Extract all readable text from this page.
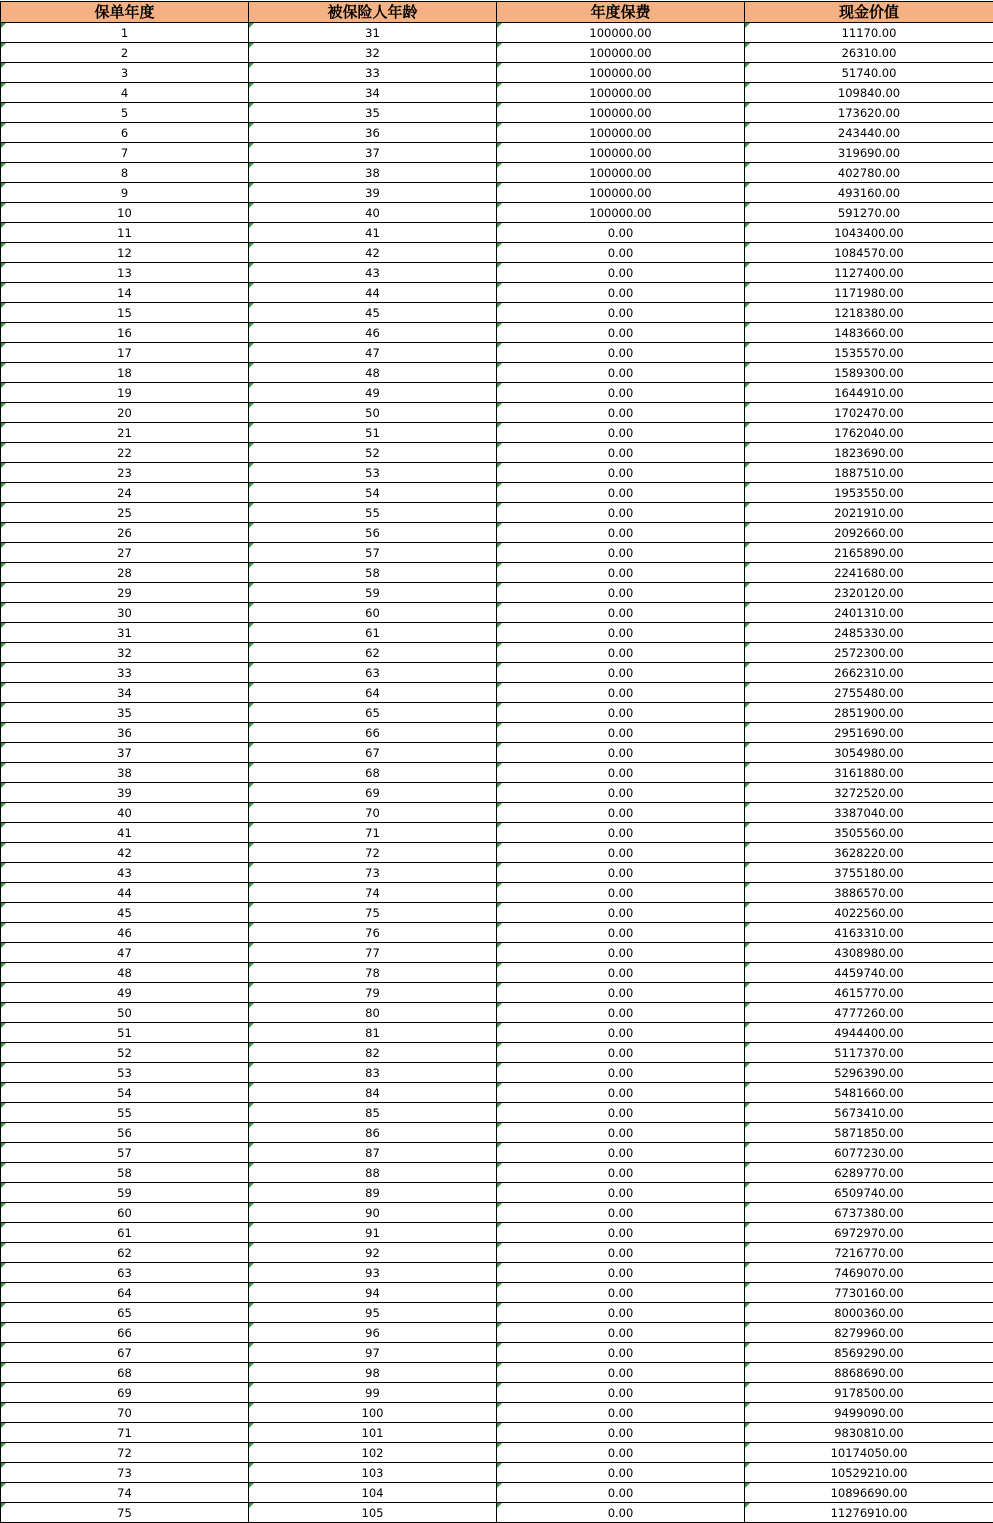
保单年度	被保险人年龄	年度保费	现金价值
1	31	100000.00	11170.00
2	32	100000.00	26310.00
3	33	100000.00	51740.00
4	34	100000.00	109840.00
5	35	100000.00	173620.00
6	36	100000.00	243440.00
7	37	100000.00	319690.00
8	38	100000.00	402780.00
9	39	100000.00	493160.00
10	40	100000.00	591270.00
11	41	0.00	1043400.00
12	42	0.00	1084570.00
13	43	0.00	1127400.00
14	44	0.00	1171980.00
15	45	0.00	1218380.00
16	46	0.00	1483660.00
17	47	0.00	1535570.00
18	48	0.00	1589300.00
19	49	0.00	1644910.00
20	50	0.00	1702470.00
21	51	0.00	1762040.00
22	52	0.00	1823690.00
23	53	0.00	1887510.00
24	54	0.00	1953550.00
25	55	0.00	2021910.00
26	56	0.00	2092660.00
27	57	0.00	2165890.00
28	58	0.00	2241680.00
29	59	0.00	2320120.00
30	60	0.00	2401310.00
31	61	0.00	2485330.00
32	62	0.00	2572300.00
33	63	0.00	2662310.00
34	64	0.00	2755480.00
35	65	0.00	2851900.00
36	66	0.00	2951690.00
37	67	0.00	3054980.00
38	68	0.00	3161880.00
39	69	0.00	3272520.00
40	70	0.00	3387040.00
41	71	0.00	3505560.00
42	72	0.00	3628220.00
43	73	0.00	3755180.00
44	74	0.00	3886570.00
45	75	0.00	4022560.00
46	76	0.00	4163310.00
47	77	0.00	4308980.00
48	78	0.00	4459740.00
49	79	0.00	4615770.00
50	80	0.00	4777260.00
51	81	0.00	4944400.00
52	82	0.00	5117370.00
53	83	0.00	5296390.00
54	84	0.00	5481660.00
55	85	0.00	5673410.00
56	86	0.00	5871850.00
57	87	0.00	6077230.00
58	88	0.00	6289770.00
59	89	0.00	6509740.00
60	90	0.00	6737380.00
61	91	0.00	6972970.00
62	92	0.00	7216770.00
63	93	0.00	7469070.00
64	94	0.00	7730160.00
65	95	0.00	8000360.00
66	96	0.00	8279960.00
67	97	0.00	8569290.00
68	98	0.00	8868690.00
69	99	0.00	9178500.00
70	100	0.00	9499090.00
71	101	0.00	9830810.00
72	102	0.00	10174050.00
73	103	0.00	10529210.00
74	104	0.00	10896690.00
75	105	0.00	11276910.00
